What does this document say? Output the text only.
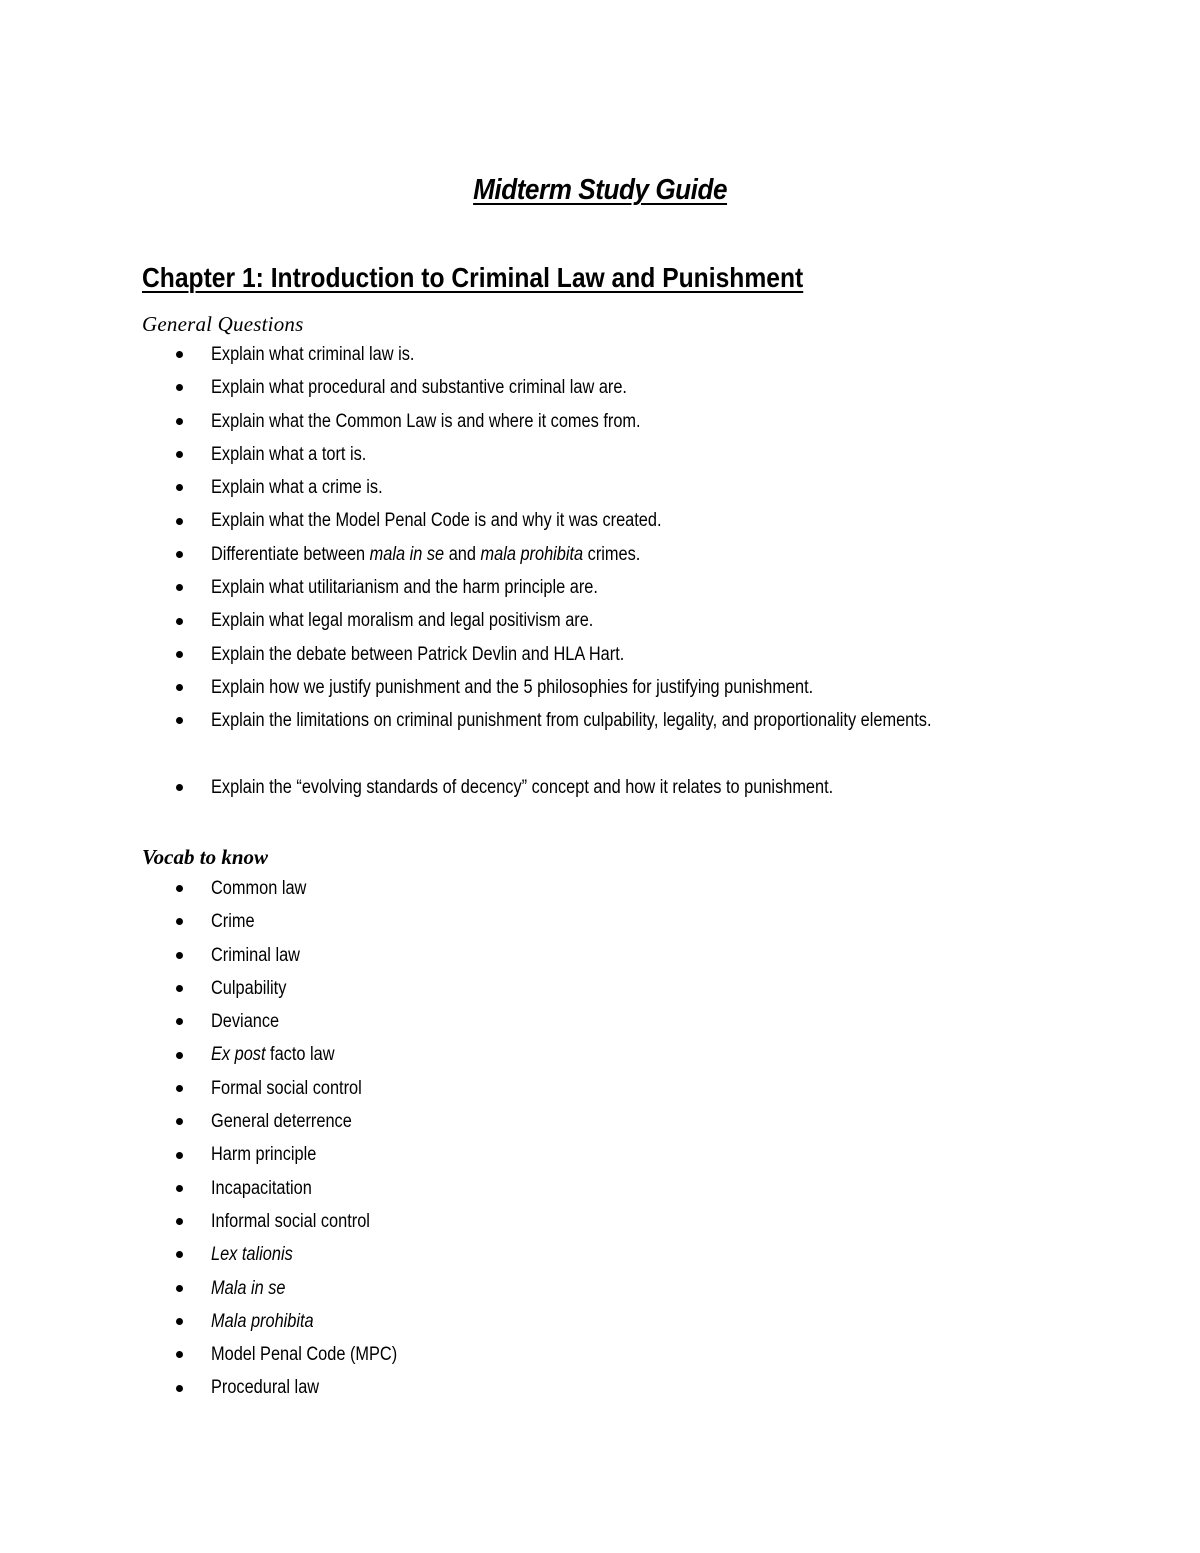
Midterm Study Guide
Chapter 1: Introduction to Criminal Law and Punishment
General Questions
Explain what criminal law is.
Explain what procedural and substantive criminal law are.
Explain what the Common Law is and where it comes from.
Explain what a tort is.
Explain what a crime is.
Explain what the Model Penal Code is and why it was created.
Differentiate between mala in se and mala prohibita crimes.
Explain what utilitarianism and the harm principle are.
Explain what legal moralism and legal positivism are.
Explain the debate between Patrick Devlin and HLA Hart.
Explain how we justify punishment and the 5 philosophies for justifying punishment.
Explain the limitations on criminal punishment from culpability, legality, and proportionality elements.
Explain the “evolving standards of decency” concept and how it relates to punishment.
Vocab to know
Common law
Crime
Criminal law
Culpability
Deviance
Ex post facto law
Formal social control
General deterrence
Harm principle
Incapacitation
Informal social control
Lex talionis
Mala in se
Mala prohibita
Model Penal Code (MPC)
Procedural law
